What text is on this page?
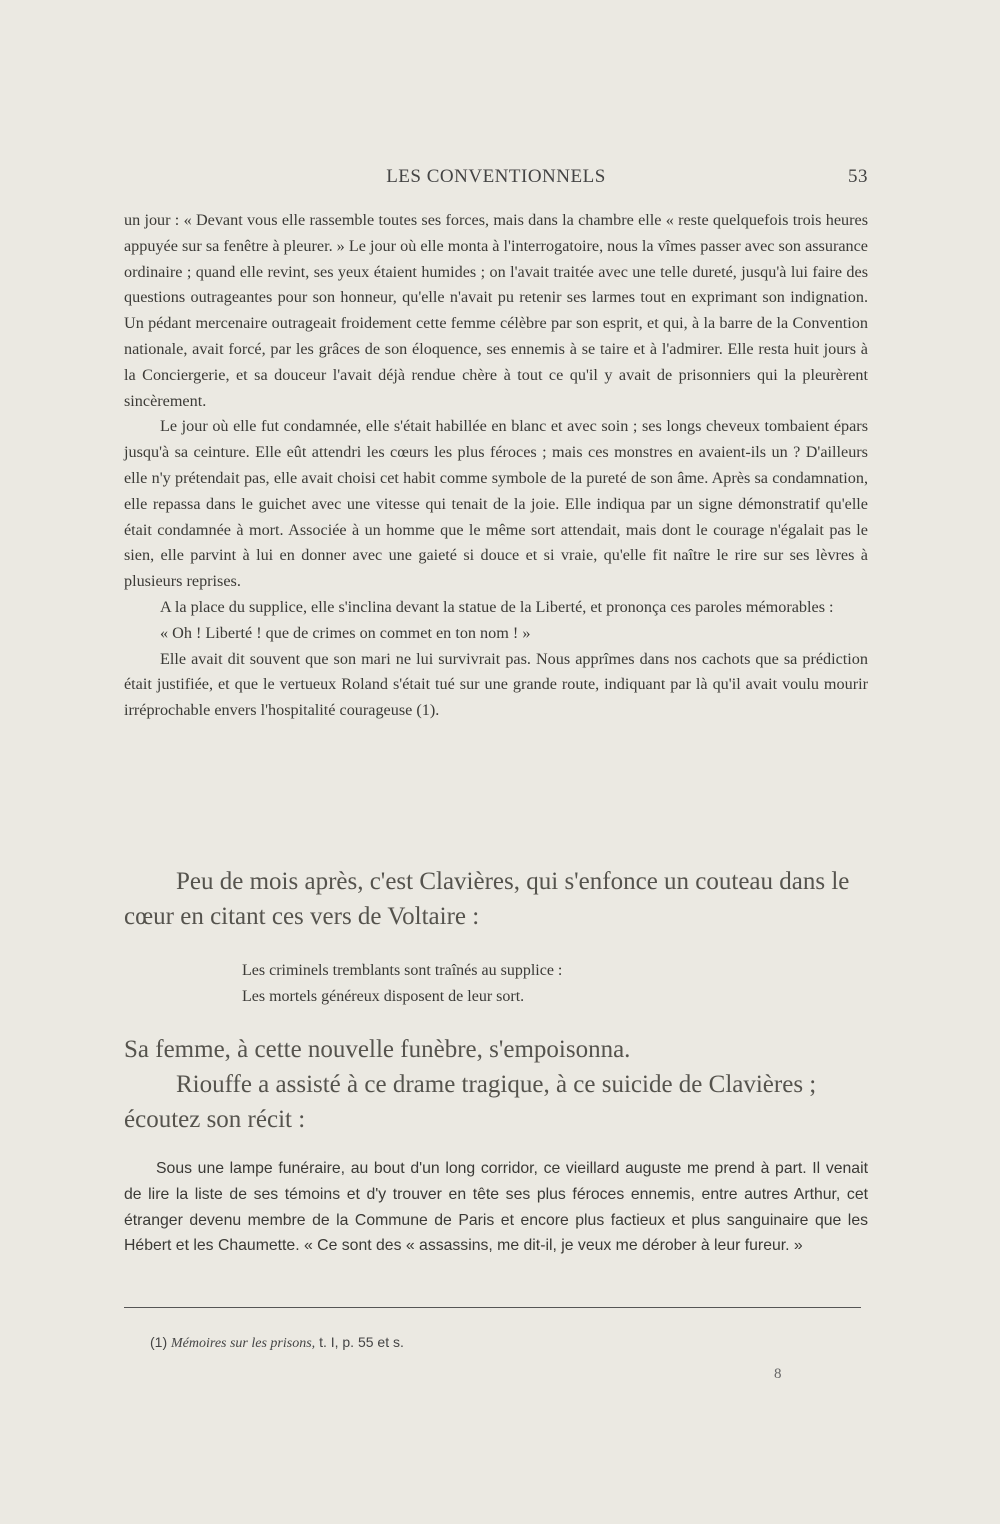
LES CONVENTIONNELS	53

un jour : « Devant vous elle rassemble toutes ses forces, mais dans la chambre elle « reste quelquefois trois heures appuyée sur sa fenêtre à pleurer. » Le jour où elle monta à l'interrogatoire, nous la vîmes passer avec son assurance ordinaire ; quand elle revint, ses yeux étaient humides ; on l'avait traitée avec une telle dureté, jusqu'à lui faire des questions outrageantes pour son honneur, qu'elle n'avait pu retenir ses larmes tout en exprimant son indignation. Un pédant mercenaire outrageait froidement cette femme célèbre par son esprit, et qui, à la barre de la Convention nationale, avait forcé, par les grâces de son éloquence, ses ennemis à se taire et à l'admirer. Elle resta huit jours à la Conciergerie, et sa douceur l'avait déjà rendue chère à tout ce qu'il y avait de prisonniers qui la pleurèrent sincèrement.

Le jour où elle fut condamnée, elle s'était habillée en blanc et avec soin ; ses longs cheveux tombaient épars jusqu'à sa ceinture. Elle eût attendri les cœurs les plus féroces ; mais ces monstres en avaient-ils un ? D'ailleurs elle n'y prétendait pas, elle avait choisi cet habit comme symbole de la pureté de son âme. Après sa condamnation, elle repassa dans le guichet avec une vitesse qui tenait de la joie. Elle indiqua par un signe démonstratif qu'elle était condamnée à mort. Associée à un homme que le même sort attendait, mais dont le courage n'égalait pas le sien, elle parvint à lui en donner avec une gaieté si douce et si vraie, qu'elle fit naître le rire sur ses lèvres à plusieurs reprises.

A la place du supplice, elle s'inclina devant la statue de la Liberté, et prononça ces paroles mémorables :

« Oh ! Liberté ! que de crimes on commet en ton nom ! »

Elle avait dit souvent que son mari ne lui survivrait pas. Nous apprîmes dans nos cachots que sa prédiction était justifiée, et que le vertueux Roland s'était tué sur une grande route, indiquant par là qu'il avait voulu mourir irréprochable envers l'hospitalité courageuse (1).

Peu de mois après, c'est Clavières, qui s'enfonce un couteau dans le cœur en citant ces vers de Voltaire :

Les criminels tremblants sont traînés au supplice :
Les mortels généreux disposent de leur sort.

Sa femme, à cette nouvelle funèbre, s'empoisonna.

Riouffe a assisté à ce drame tragique, à ce suicide de Clavières ; écoutez son récit :

Sous une lampe funéraire, au bout d'un long corridor, ce vieillard auguste me prend à part. Il venait de lire la liste de ses témoins et d'y trouver en tête ses plus féroces ennemis, entre autres Arthur, cet étranger devenu membre de la Commune de Paris et encore plus factieux et plus sanguinaire que les Hébert et les Chaumette. « Ce sont des « assassins, me dit-il, je veux me dérober à leur fureur. »

(1) Mémoires sur les prisons, t. I, p. 55 et s.
8
